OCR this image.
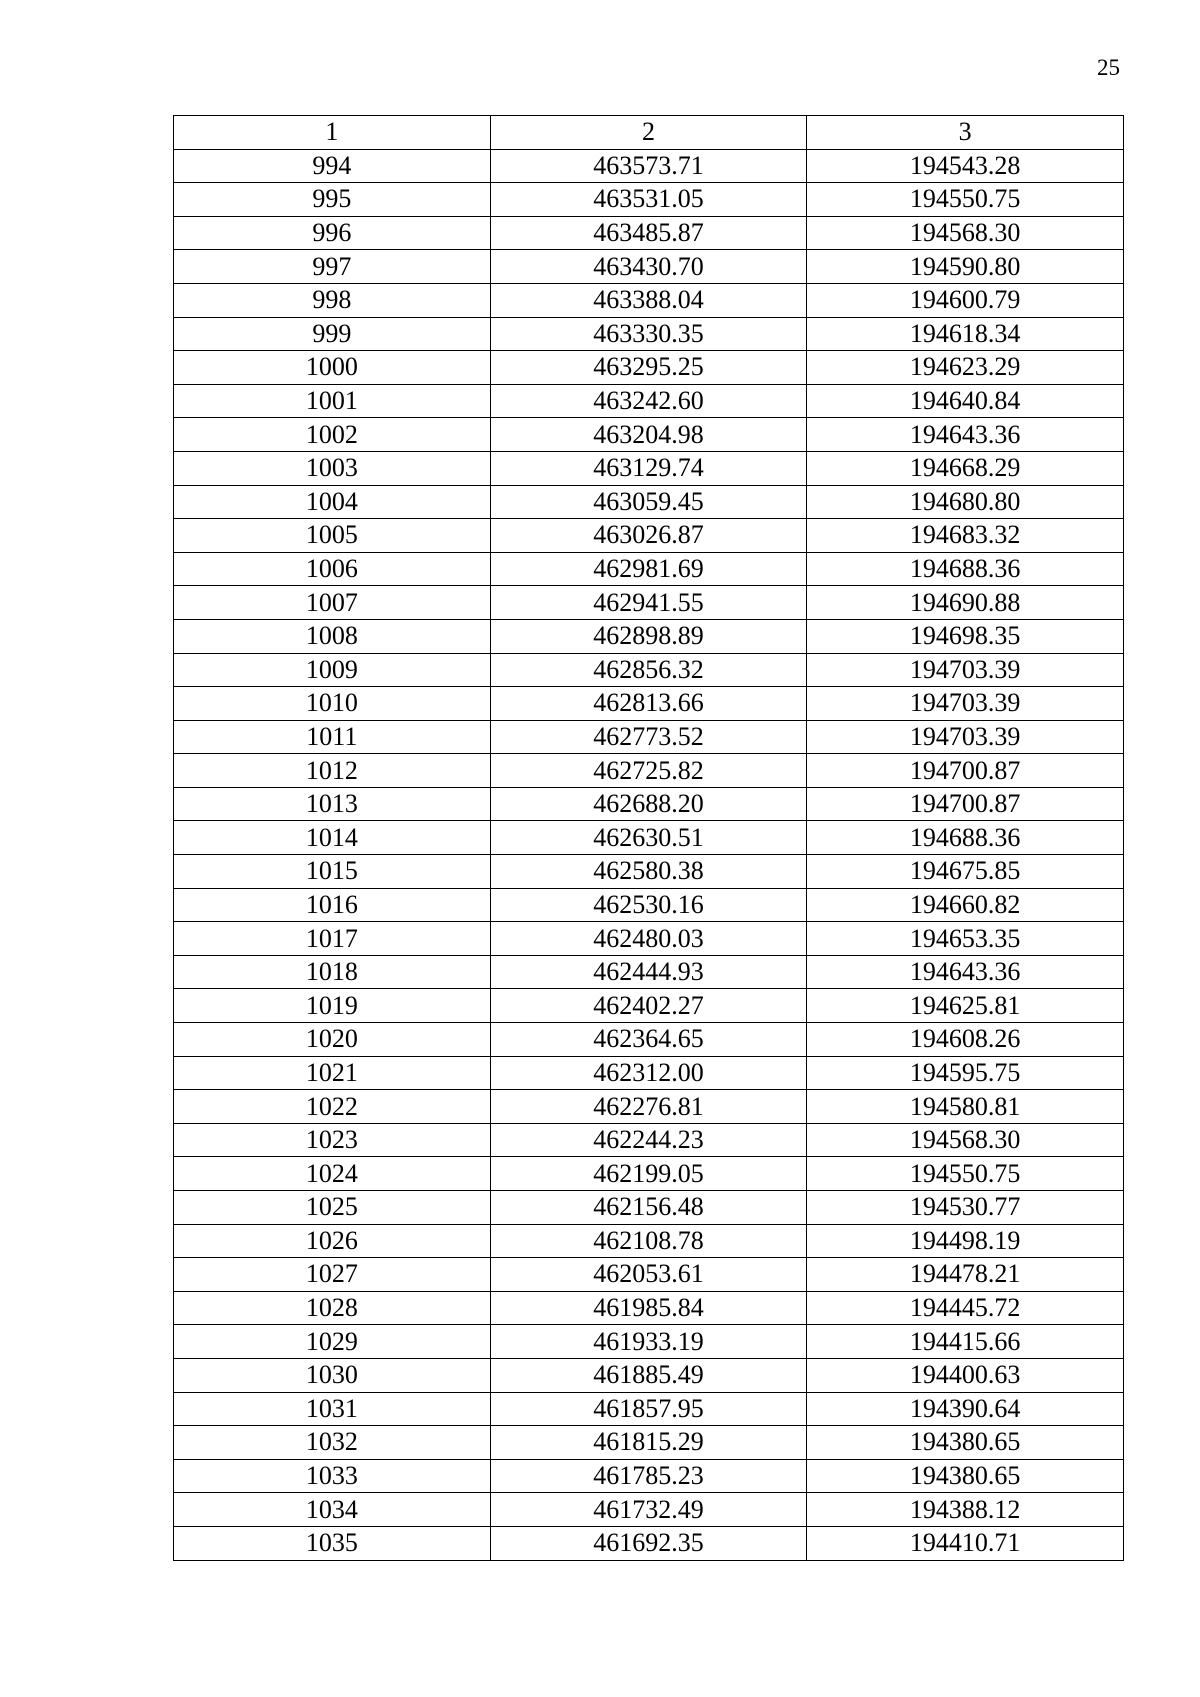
25
1	2	3
994	463573.71	194543.28
995	463531.05	194550.75
996	463485.87	194568.30
997	463430.70	194590.80
998	463388.04	194600.79
999	463330.35	194618.34
1000	463295.25	194623.29
1001	463242.60	194640.84
1002	463204.98	194643.36
1003	463129.74	194668.29
1004	463059.45	194680.80
1005	463026.87	194683.32
1006	462981.69	194688.36
1007	462941.55	194690.88
1008	462898.89	194698.35
1009	462856.32	194703.39
1010	462813.66	194703.39
1011	462773.52	194703.39
1012	462725.82	194700.87
1013	462688.20	194700.87
1014	462630.51	194688.36
1015	462580.38	194675.85
1016	462530.16	194660.82
1017	462480.03	194653.35
1018	462444.93	194643.36
1019	462402.27	194625.81
1020	462364.65	194608.26
1021	462312.00	194595.75
1022	462276.81	194580.81
1023	462244.23	194568.30
1024	462199.05	194550.75
1025	462156.48	194530.77
1026	462108.78	194498.19
1027	462053.61	194478.21
1028	461985.84	194445.72
1029	461933.19	194415.66
1030	461885.49	194400.63
1031	461857.95	194390.64
1032	461815.29	194380.65
1033	461785.23	194380.65
1034	461732.49	194388.12
1035	461692.35	194410.71
